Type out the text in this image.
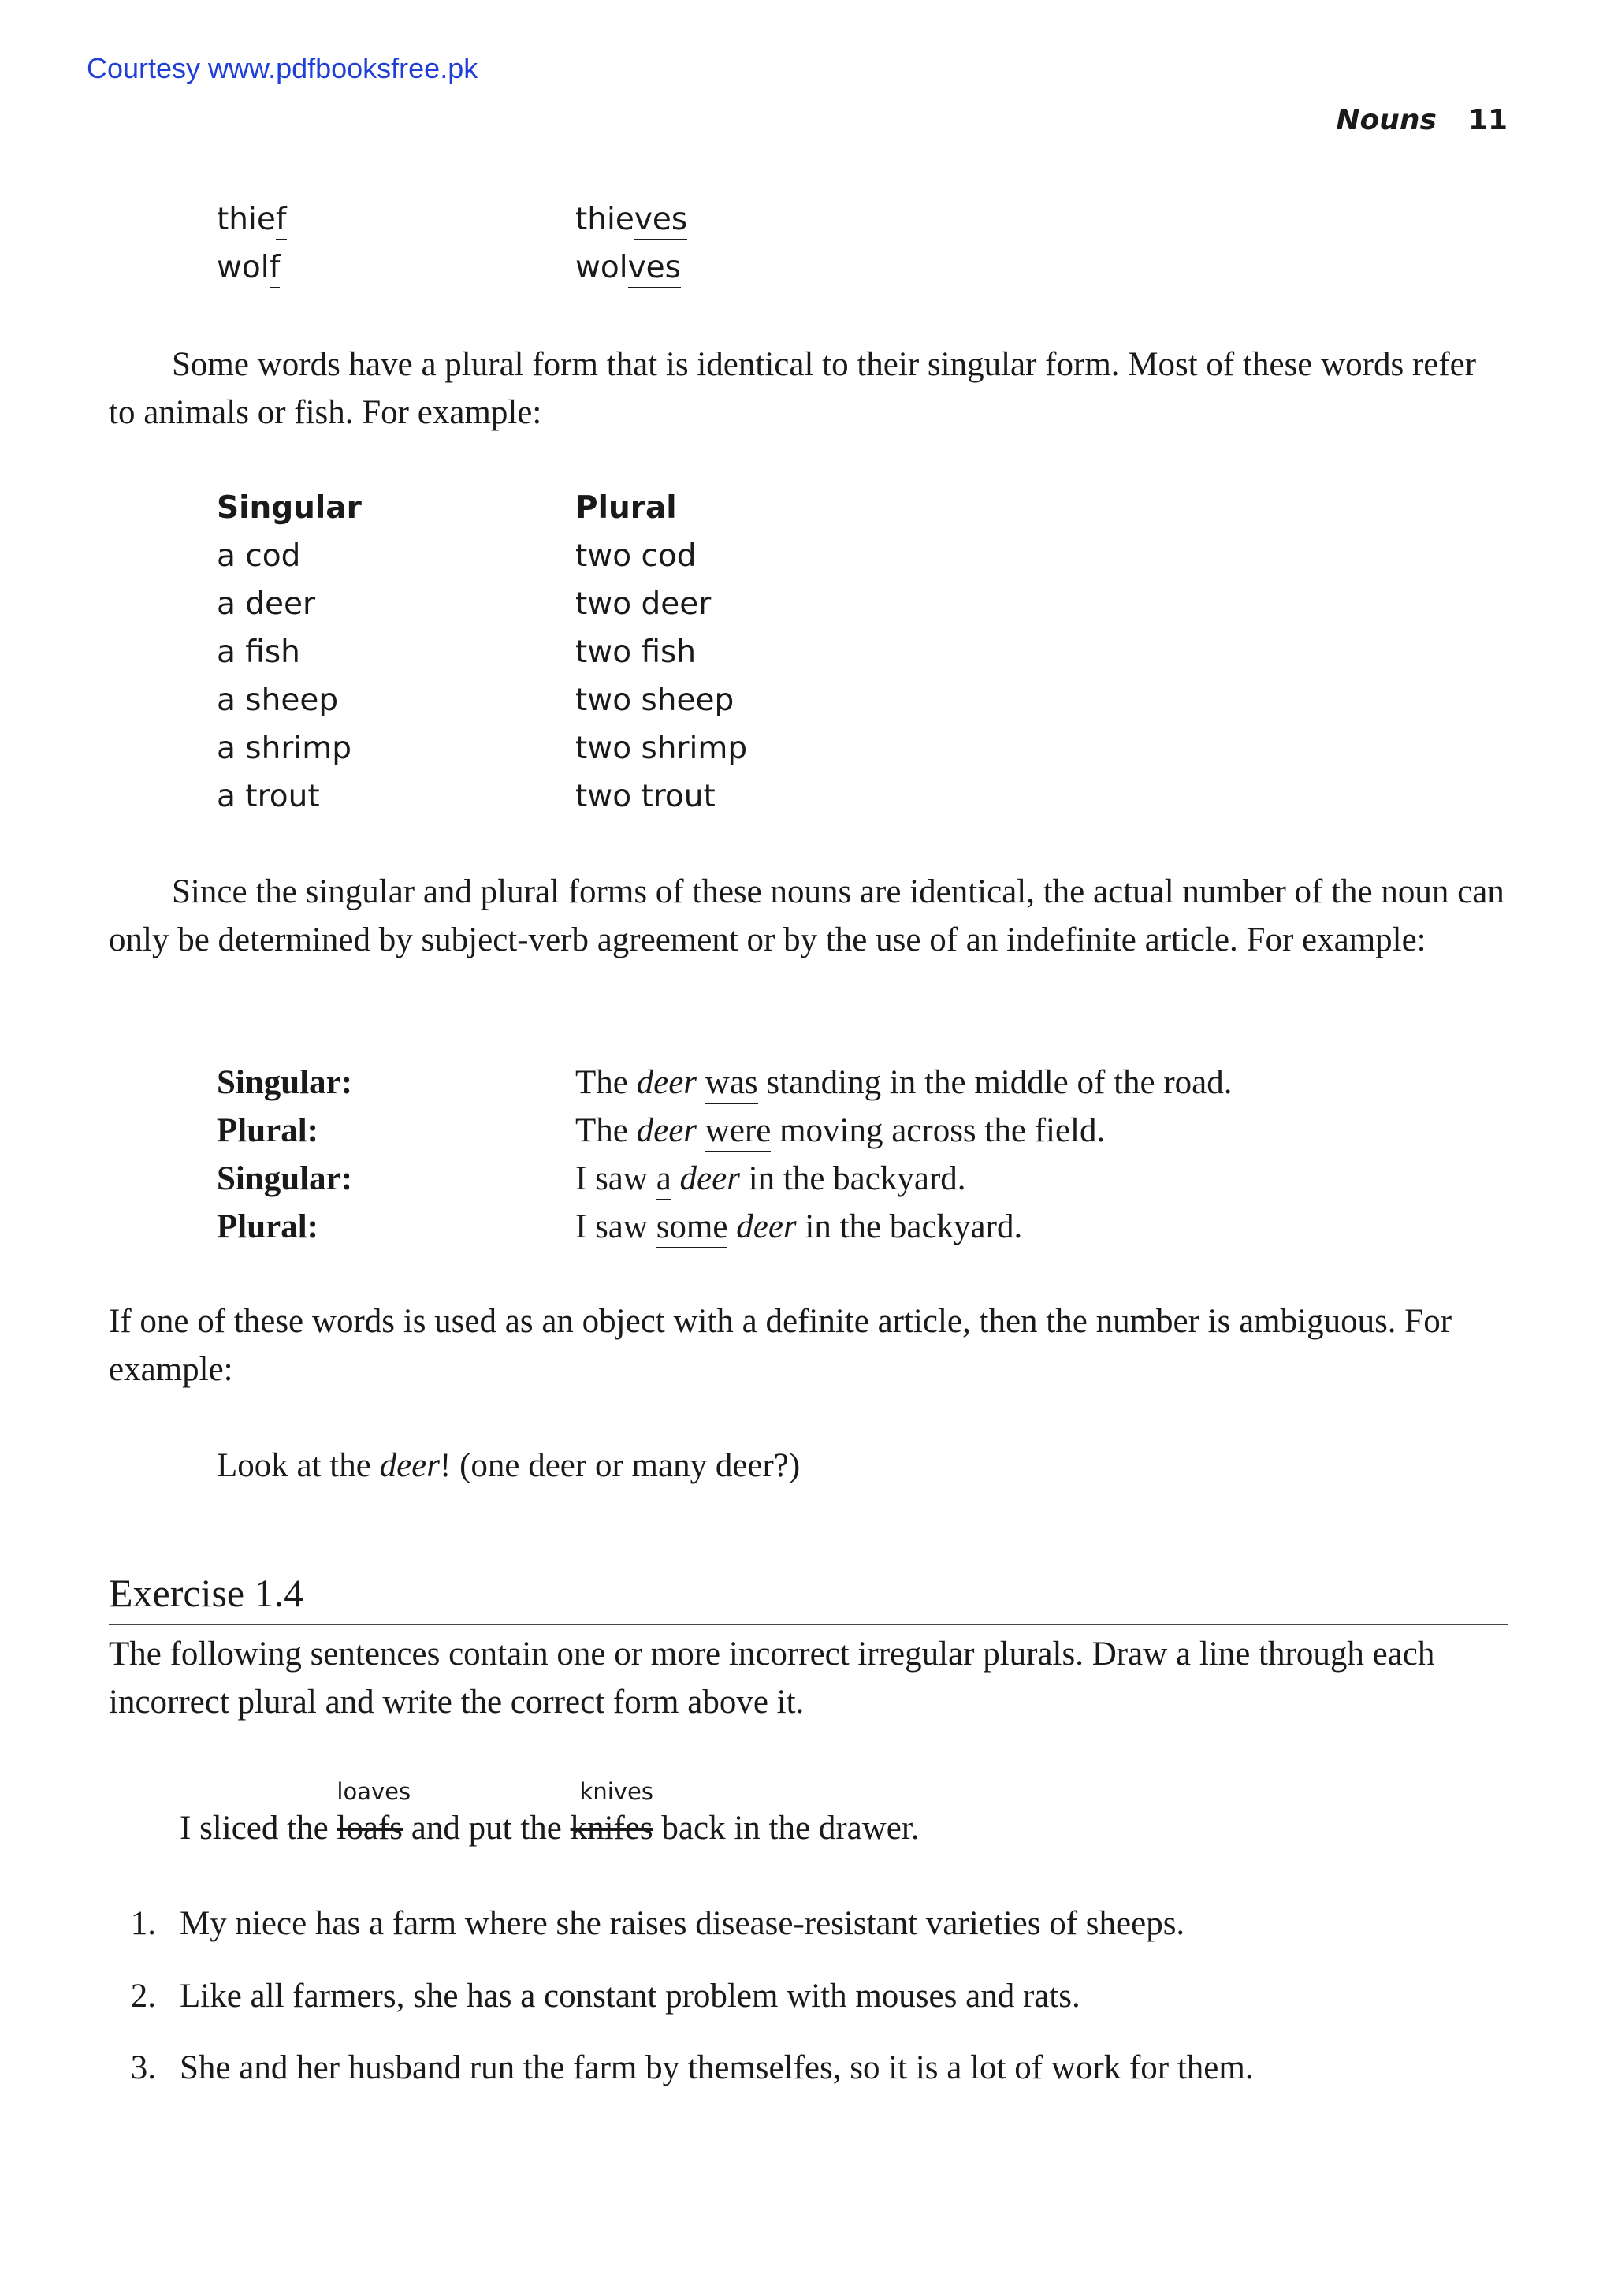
Courtesy www.pdfbooksfree.pk
Nouns 11
thief	thieves
wolf	wolves
Some words have a plural form that is identical to their singular form. Most of these words refer to animals or fish. For example:
Singular	Plural
a cod	two cod
a deer	two deer
a fish	two fish
a sheep	two sheep
a shrimp	two shrimp
a trout	two trout
Since the singular and plural forms of these nouns are identical, the actual number of the noun can only be determined by subject-verb agreement or by the use of an indefinite article. For example:
Singular:	The deer was standing in the middle of the road.
Plural:	The deer were moving across the field.
Singular:	I saw a deer in the backyard.
Plural:	I saw some deer in the backyard.
If one of these words is used as an object with a definite article, then the number is ambiguous. For example:
Look at the deer! (one deer or many deer?)
Exercise 1.4
The following sentences contain one or more incorrect irregular plurals. Draw a line through each incorrect plural and write the correct form above it.
I sliced the loafs
loaves
and put the knifes
knives
back in the drawer.
1. My niece has a farm where she raises disease-resistant varieties of sheeps.
2. Like all farmers, she has a constant problem with mouses and rats.
3. She and her husband run the farm by themselfes, so it is a lot of work for them.
